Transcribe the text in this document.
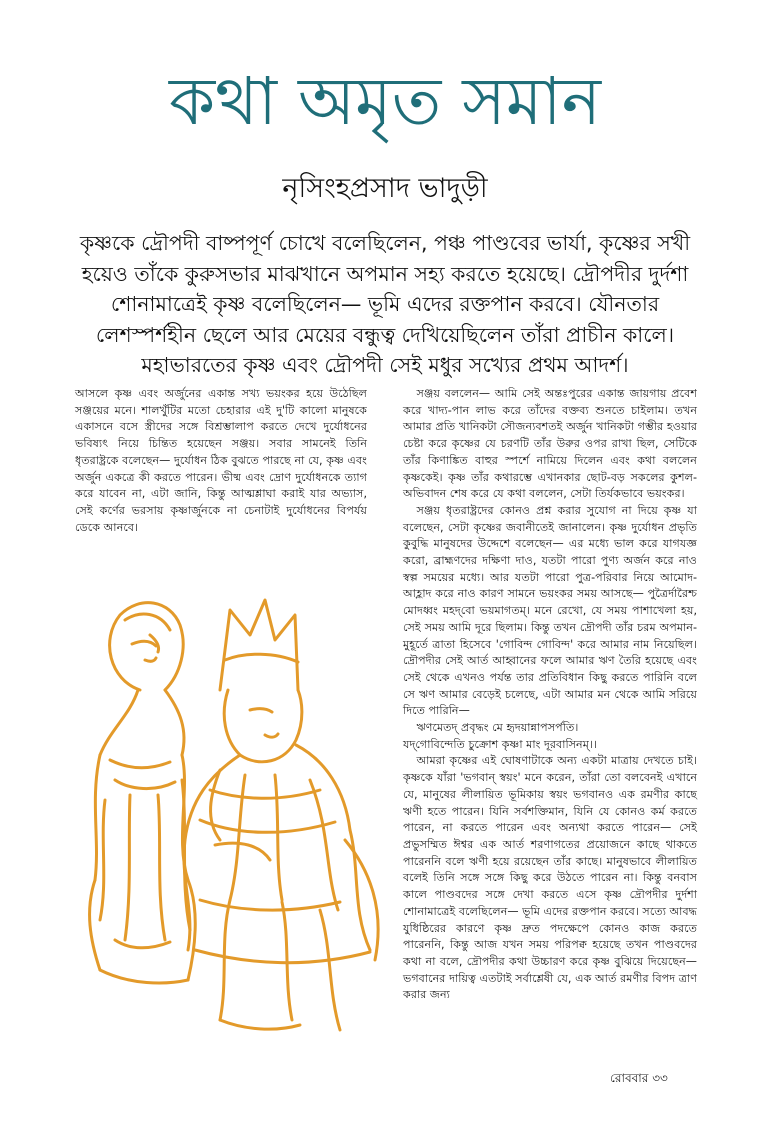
কথা অমৃত সমান
নৃসিংহপ্রসাদ ভাদুড়ী
কৃষ্ণকে দ্রৌপদী বাষ্পপূর্ণ চোখে বলেছিলেন, পঞ্চ পাণ্ডবের ভার্যা, কৃষ্ণের সখী হয়েও তাঁকে কুরুসভার মাঝখানে অপমান সহ্য করতে হয়েছে। দ্রৌপদীর দুর্দশা শোনামাত্রেই কৃষ্ণ বলেছিলেন— ভূমি এদের রক্তপান করবে। যৌনতার লেশস্পর্শহীন ছেলে আর মেয়ের বন্ধুত্ব দেখিয়েছিলেন তাঁরা প্রাচীন কালে। মহাভারতের কৃষ্ণ এবং দ্রৌপদী সেই মধুর সখ্যের প্রথম আদর্শ।

আসলে কৃষ্ণ এবং অর্জুনের একান্ত সখ্য ভয়ংকর হয়ে উঠেছিল সঞ্জয়ের মনে। শালখুঁটির মতো চেহারার এই দু'টি কালো মানুষকে একাসনে বসে স্ত্রীদের সঙ্গে বিশ্রম্ভালাপ করতে দেখে দুর্যোধনের ভবিষ্যৎ নিয়ে চিন্তিত হয়েছেন সঞ্জয়। সবার সামনেই তিনি ধৃতরাষ্ট্রকে বলেছেন— দুর্যোধন ঠিক বুঝতে পারছে না যে, কৃষ্ণ এবং অর্জুন একত্রে কী করতে পারেন। ভীষ্ম এবং দ্রোণ দুর্যোধনকে ত্যাগ করে যাবেন না, এটা জানি, কিন্তু আত্মশ্লাঘা করাই যার অভ্যাস, সেই কর্ণের ভরসায় কৃষ্ণার্জুনকে না চেনাটাই দুর্যোধনের বিপর্যয় ডেকে আনবে।

সঞ্জয় বললেন— আমি সেই অন্তঃপুরের একান্ত জায়গায় প্রবেশ করে খাদ্য-পান লাভ করে তাঁদের বক্তব্য শুনতে চাইলাম। তখন আমার প্রতি খানিকটা সৌজন্যবশতই অর্জুন খানিকটা গম্ভীর হওয়ার চেষ্টা করে কৃষ্ণের যে চরণটি তাঁর উরুর ওপর রাখা ছিল, সেটিকে তাঁর কিণাঙ্কিত বাহুর স্পর্শে নামিয়ে দিলেন এবং কথা বললেন কৃষ্ণকেই। কৃষ্ণ তাঁর কথারম্ভে এখানকার ছোট-বড় সকলের কুশল-অভিবাদন শেষ করে যে কথা বললেন, সেটা তির্যকভাবে ভয়ংকর।

সঞ্জয় ধৃতরাষ্ট্রদের কোনও প্রশ্ন করার সুযোগ না দিয়ে কৃষ্ণ যা বলেছেন, সেটা কৃষ্ণের জবানীতেই জানালেন। কৃষ্ণ দুর্যোধন প্রভৃতি কুবুদ্ধি মানুষদের উদ্দেশে বলেছেন— এর মধ্যে ভাল করে যাগযজ্ঞ করো, ব্রাহ্মণদের দক্ষিণা দাও, যতটা পারো পুণ্য অর্জন করে নাও স্বল্প সময়ের মধ্যে। আর যতটা পারো পুত্র-পরিবার নিয়ে আমোদ-আহ্লাদ করে নাও কারণ সামনে ভয়ংকর সময় আসছে— পুত্রৈর্দারৈশ্চ মোদধ্বং মহদ্‌বো ভয়মাগতম্‌। মনে রেখো, যে সময় পাশাখেলা হয়, সেই সময় আমি দূরে ছিলাম। কিন্তু তখন দ্রৌপদী তাঁর চরম অপমান-মুহূর্তে ত্রাতা হিসেবে 'গোবিন্দ গোবিন্দ' করে আমার নাম নিয়েছিল। দ্রৌপদীর সেই আর্ত আহ্বানের ফলে আমার ঋণ তৈরি হয়েছে এবং সেই থেকে এখনও পর্যন্ত তার প্রতিবিধান কিছু করতে পারিনি বলে সে ঋণ আমার বেড়েই চলেছে, এটা আমার মন থেকে আমি সরিয়ে দিতে পারিনি—

ঋণমেতদ্‌ প্রবৃদ্ধং মে হৃদয়ান্নাপসর্পতি।

যদ্‌গোবিন্দেতি চুক্রোশ কৃষ্ণা মাং দূরবাসিনম্‌।।

আমরা কৃষ্ণের এই ঘোষণাটাকে অন্য একটা মাত্রায় দেখতে চাই। কৃষ্ণকে যাঁরা 'ভগবান্‌ স্বয়ং' মনে করেন, তাঁরা তো বলবেনই এখানে যে, মানুষের লীলায়িত ভূমিকায় স্বয়ং ভগবানও এক রমণীর কাছে ঋণী হতে পারেন। যিনি সর্বশক্তিমান, যিনি যে কোনও কর্ম করতে পারেন, না করতে পারেন এবং অন্যথা করতে পারেন— সেই প্রভুসম্মিত ঈশ্বর এক আর্ত শরণাগতের প্রয়োজনে কাছে থাকতে পারেননি বলে ঋণী হয়ে রয়েছেন তাঁর কাছে। মানুষভাবে লীলায়িত বলেই তিনি সঙ্গে সঙ্গে কিছু করে উঠতে পারেন না। কিন্তু বনবাস কালে পাণ্ডবদের সঙ্গে দেখা করতে এসে কৃষ্ণ দ্রৌপদীর দুর্দশা শোনামাত্রেই বলেছিলেন— ভূমি এদের রক্তপান করবে। সত্যে আবদ্ধ যুধিষ্ঠিরের কারণে কৃষ্ণ দ্রুত পদক্ষেপে কোনও কাজ করতে পারেননি, কিন্তু আজ যখন সময় পরিপক্ব হয়েছে তখন পাণ্ডবদের কথা না বলে, দ্রৌপদীর কথা উচ্চারণ করে কৃষ্ণ বুঝিয়ে দিয়েছেন— ভগবানের দায়িত্ব এতটাই সর্বাশ্লেষী যে, এক আর্ত রমণীর বিপদ ত্রাণ করার জন্য

রোববার ৩৩
